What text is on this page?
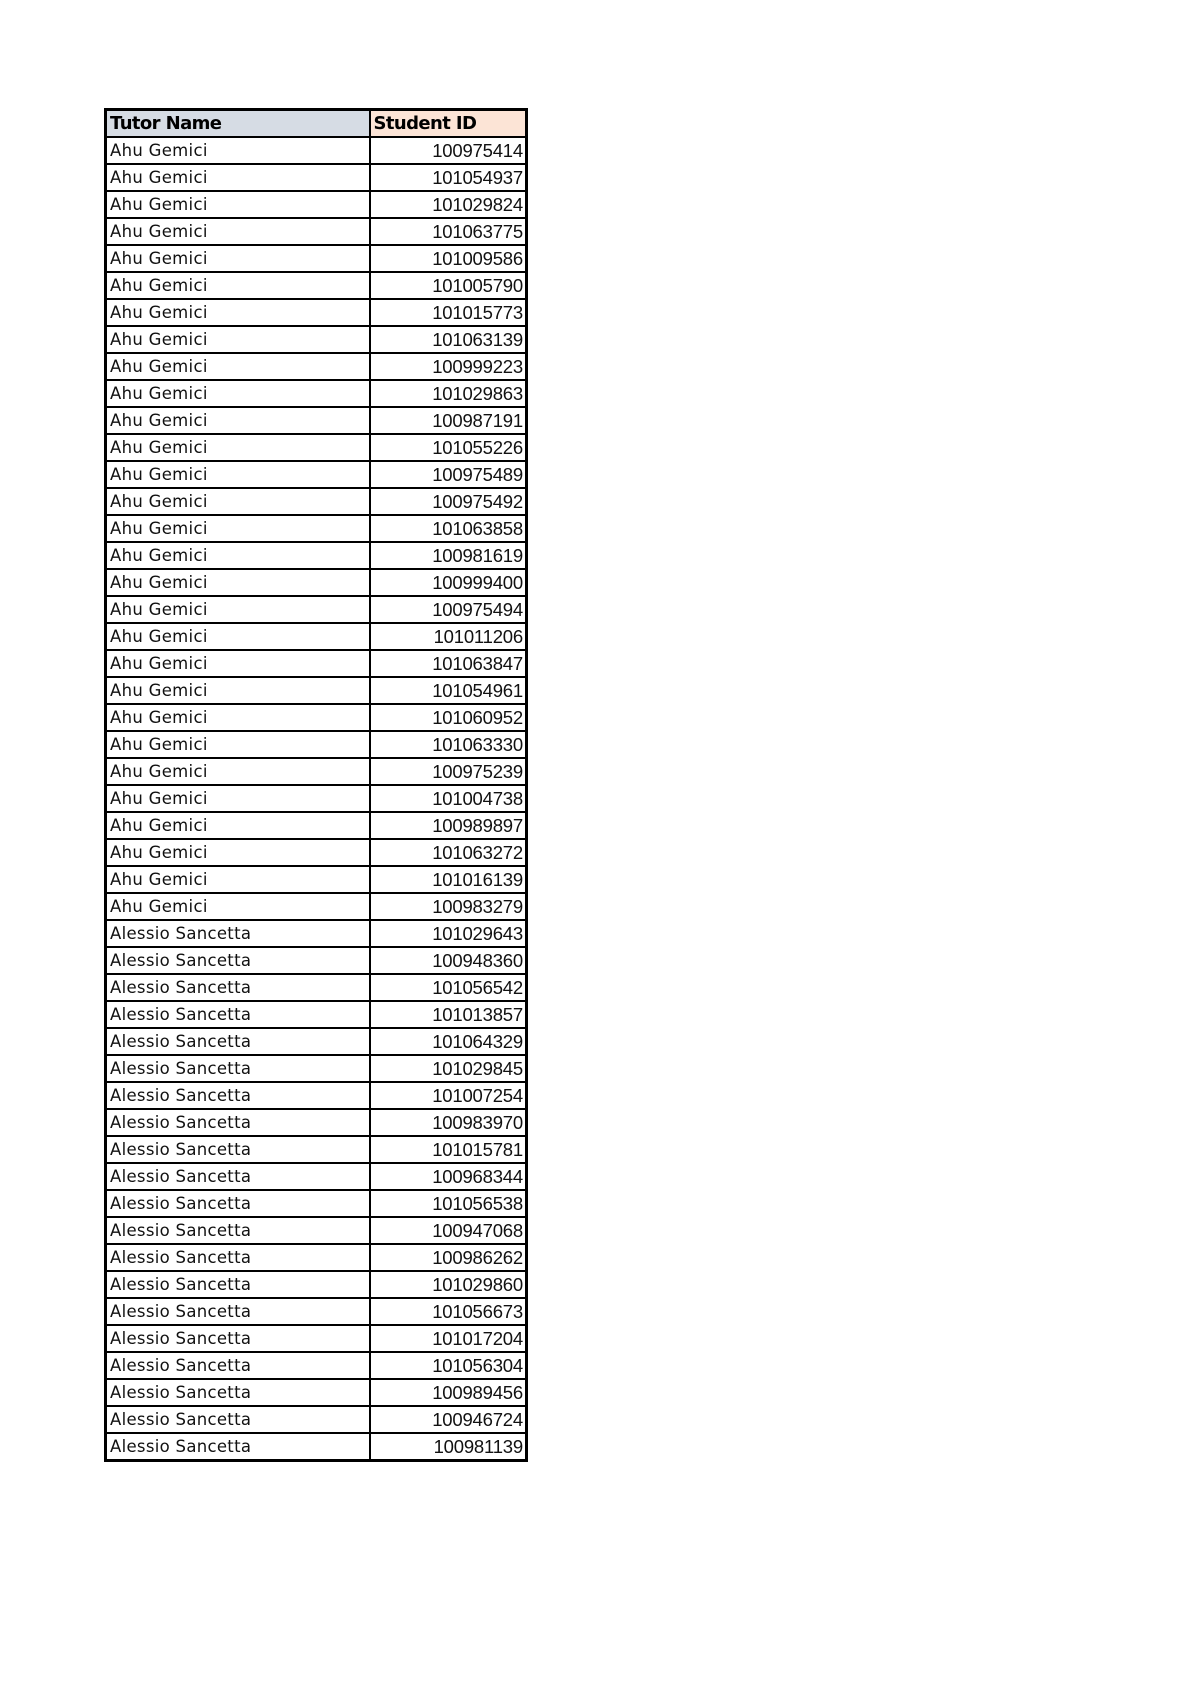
Tutor Name	Student ID
Ahu Gemici	100975414
Ahu Gemici	101054937
Ahu Gemici	101029824
Ahu Gemici	101063775
Ahu Gemici	101009586
Ahu Gemici	101005790
Ahu Gemici	101015773
Ahu Gemici	101063139
Ahu Gemici	100999223
Ahu Gemici	101029863
Ahu Gemici	100987191
Ahu Gemici	101055226
Ahu Gemici	100975489
Ahu Gemici	100975492
Ahu Gemici	101063858
Ahu Gemici	100981619
Ahu Gemici	100999400
Ahu Gemici	100975494
Ahu Gemici	101011206
Ahu Gemici	101063847
Ahu Gemici	101054961
Ahu Gemici	101060952
Ahu Gemici	101063330
Ahu Gemici	100975239
Ahu Gemici	101004738
Ahu Gemici	100989897
Ahu Gemici	101063272
Ahu Gemici	101016139
Ahu Gemici	100983279
Alessio Sancetta	101029643
Alessio Sancetta	100948360
Alessio Sancetta	101056542
Alessio Sancetta	101013857
Alessio Sancetta	101064329
Alessio Sancetta	101029845
Alessio Sancetta	101007254
Alessio Sancetta	100983970
Alessio Sancetta	101015781
Alessio Sancetta	100968344
Alessio Sancetta	101056538
Alessio Sancetta	100947068
Alessio Sancetta	100986262
Alessio Sancetta	101029860
Alessio Sancetta	101056673
Alessio Sancetta	101017204
Alessio Sancetta	101056304
Alessio Sancetta	100989456
Alessio Sancetta	100946724
Alessio Sancetta	100981139
